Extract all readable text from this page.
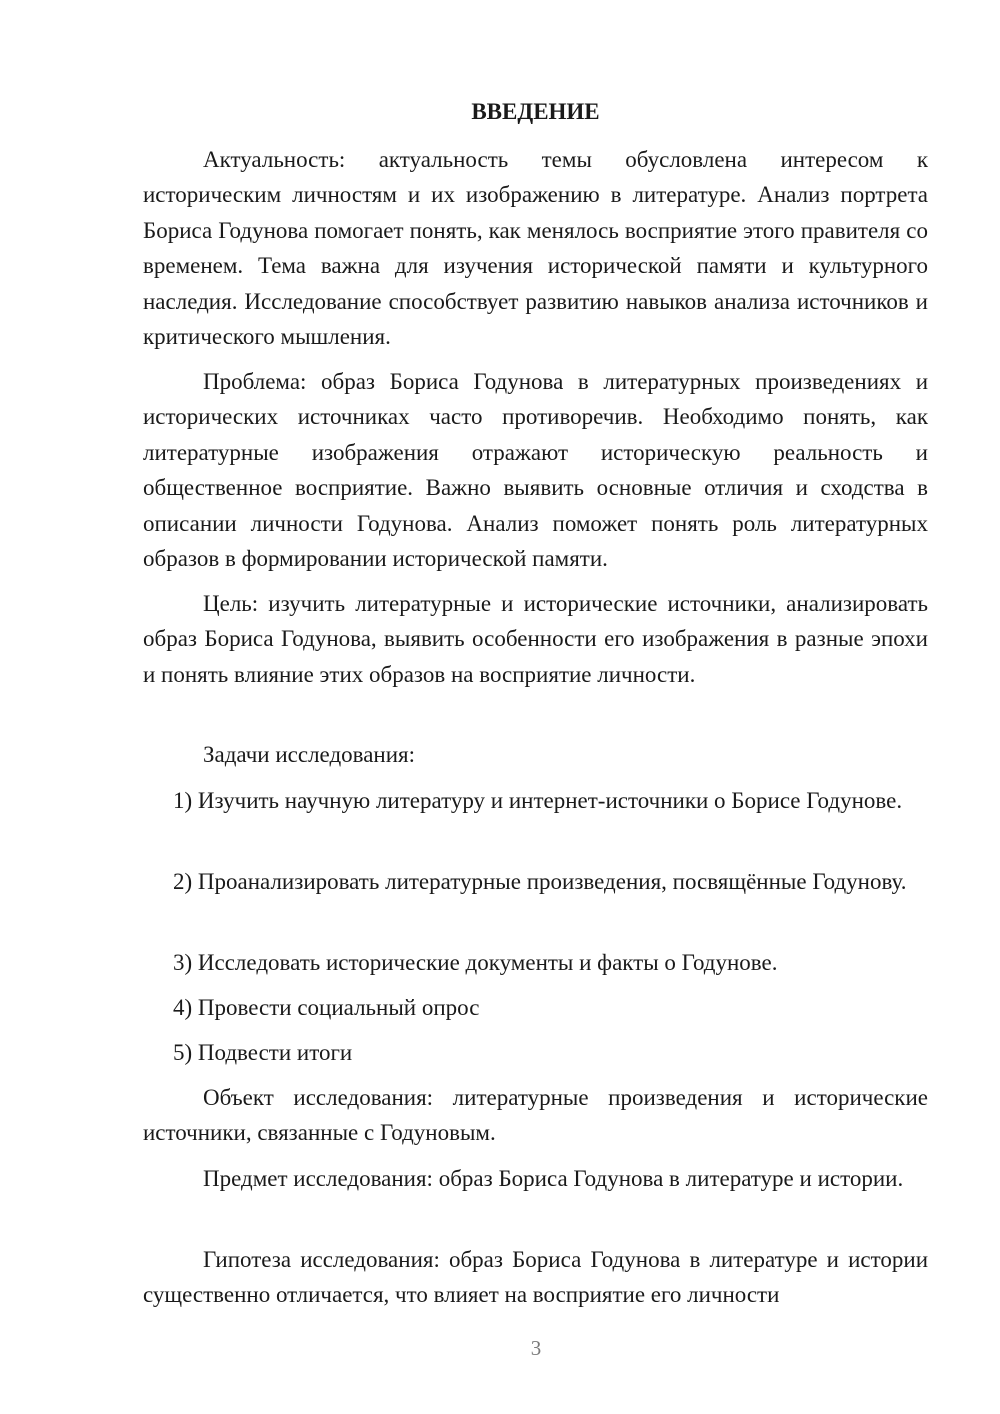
ВВЕДЕНИЕ

Актуальность: актуальность темы обусловлена интересом к историческим личностям и их изображению в литературе. Анализ портрета Бориса Годунова помогает понять, как менялось восприятие этого правителя со временем. Тема важна для изучения исторической памяти и культурного наследия. Исследование способствует развитию навыков анализа источников и критического мышления.

Проблема: образ Бориса Годунова в литературных произведениях и исторических источниках часто противоречив. Необходимо понять, как литературные изображения отражают историческую реальность и общественное восприятие. Важно выявить основные отличия и сходства в описании личности Годунова. Анализ поможет понять роль литературных образов в формировании исторической памяти.

Цель: изучить литературные и исторические источники, анализировать образ Бориса Годунова, выявить особенности его изображения в разные эпохи и понять влияние этих образов на восприятие личности.

Задачи исследования:

1) Изучить научную литературу и интернет-источники о Борисе Годунове.

2) Проанализировать литературные произведения, посвящённые Годунову.

3) Исследовать исторические документы и факты о Годунове.

4) Провести социальный опрос

5) Подвести итоги

Объект исследования: литературные произведения и исторические источники, связанные с Годуновым.

Предмет исследования: образ Бориса Годунова в литературе и истории.

Гипотеза исследования: образ Бориса Годунова в литературе и истории существенно отличается, что влияет на восприятие его личности

3
